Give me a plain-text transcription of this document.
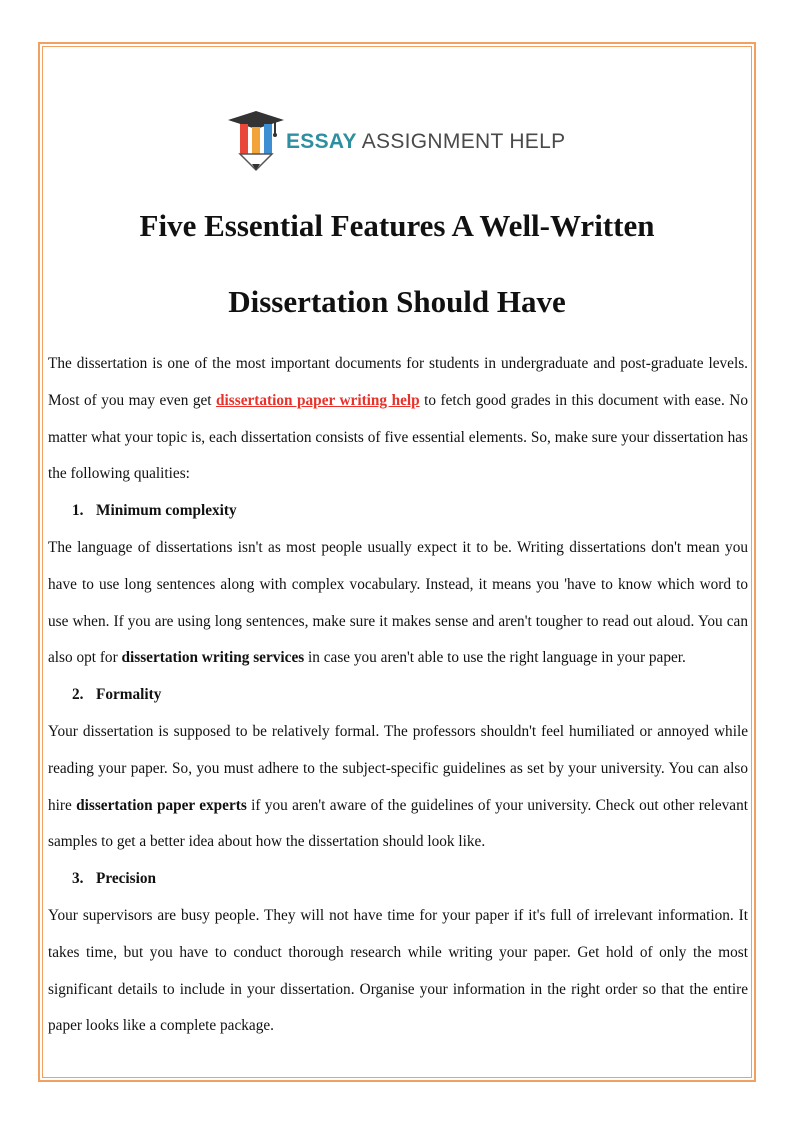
ESSAY ASSIGNMENT HELP
Five Essential Features A Well-Written
Dissertation Should Have

The dissertation is one of the most important documents for students in undergraduate and post-graduate levels. Most of you may even get dissertation paper writing help to fetch good grades in this document with ease. No matter what your topic is, each dissertation consists of five essential elements. So, make sure your dissertation has the following qualities:

1. Minimum complexity

The language of dissertations isn't as most people usually expect it to be. Writing dissertations don't mean you have to use long sentences along with complex vocabulary. Instead, it means you 'have to know which word to use when. If you are using long sentences, make sure it makes sense and aren't tougher to read out aloud. You can also opt for dissertation writing services in case you aren't able to use the right language in your paper.

2. Formality

Your dissertation is supposed to be relatively formal. The professors shouldn't feel humiliated or annoyed while reading your paper. So, you must adhere to the subject-specific guidelines as set by your university. You can also hire dissertation paper experts if you aren't aware of the guidelines of your university. Check out other relevant samples to get a better idea about how the dissertation should look like.

3. Precision

Your supervisors are busy people. They will not have time for your paper if it's full of irrelevant information. It takes time, but you have to conduct thorough research while writing your paper. Get hold of only the most significant details to include in your dissertation. Organise your information in the right order so that the entire paper looks like a complete package.
